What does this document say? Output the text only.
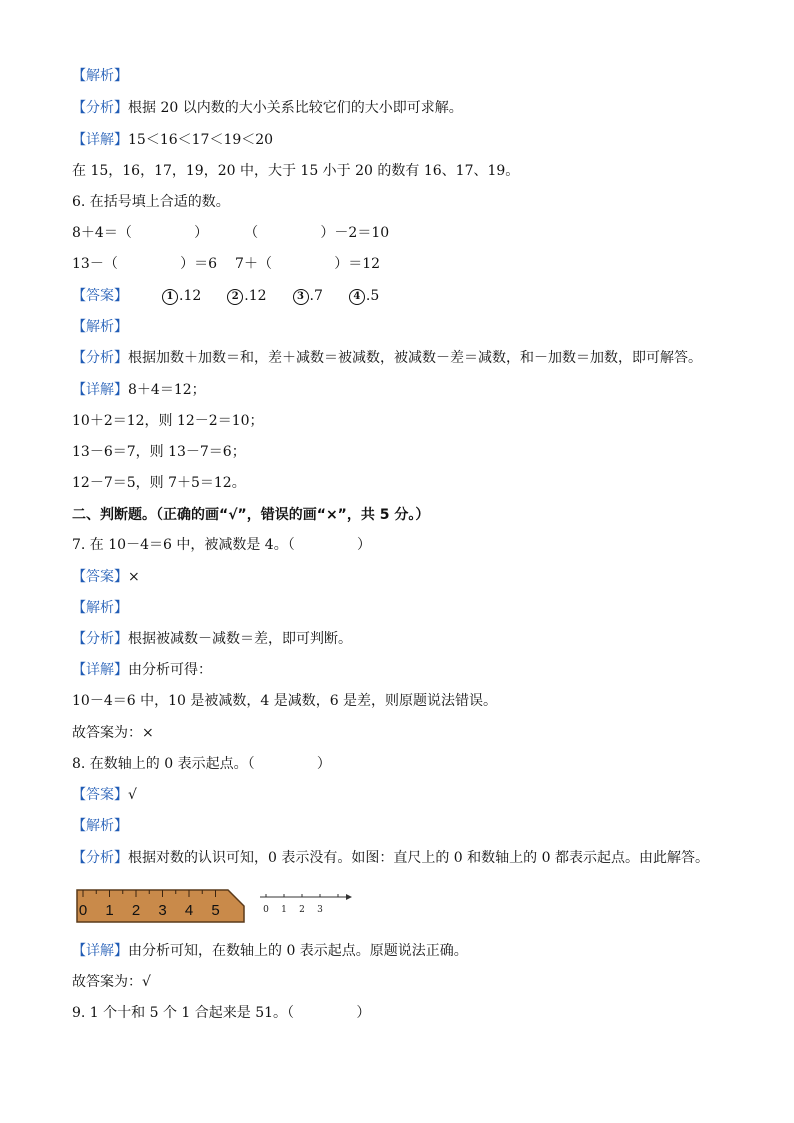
【解析】
【分析】根据 20 以内数的大小关系比较它们的大小即可求解。
【详解】15＜16＜17＜19＜20
在 15，16，17，19，20 中，大于 15 小于 20 的数有 16、17、19。
6. 在括号填上合适的数。
8＋4＝（              ）	（              ）－2＝10
13－（              ）＝6 7＋（              ）＝12
【答案】	1 .12	2 .12	3 .7	4 .5
【解析】
【分析】根据加数＋加数＝和，差＋减数＝被减数，被减数－差＝减数，和－加数＝加数，即可解答。
【详解】8＋4＝12；
10＋2＝12，则 12－2＝10；
13－6＝7，则 13－7＝6；
12－7＝5，则 7＋5＝12。
二、判断题。（正确的画“√”，错误的画“×”，共 5 分。）
7. 在 10－4＝6 中，被减数是 4。（              ）
【答案】×
【解析】
【分析】根据被减数－减数＝差，即可判断。
【详解】由分析可得：
10－4＝6 中，10 是被减数，4 是减数，6 是差，则原题说法错误。
故答案为：×
8. 在数轴上的 0 表示起点。（              ）
【答案】√
【解析】
【分析】根据对数的认识可知，0 表示没有。如图：直尺上的 0 和数轴上的 0 都表示起点。由此解答。
0 1 2 3 4 5	0 1 2 3
【详解】由分析可知，在数轴上的 0 表示起点。原题说法正确。
故答案为：√
9. 1 个十和 5 个 1 合起来是 51。（              ）
